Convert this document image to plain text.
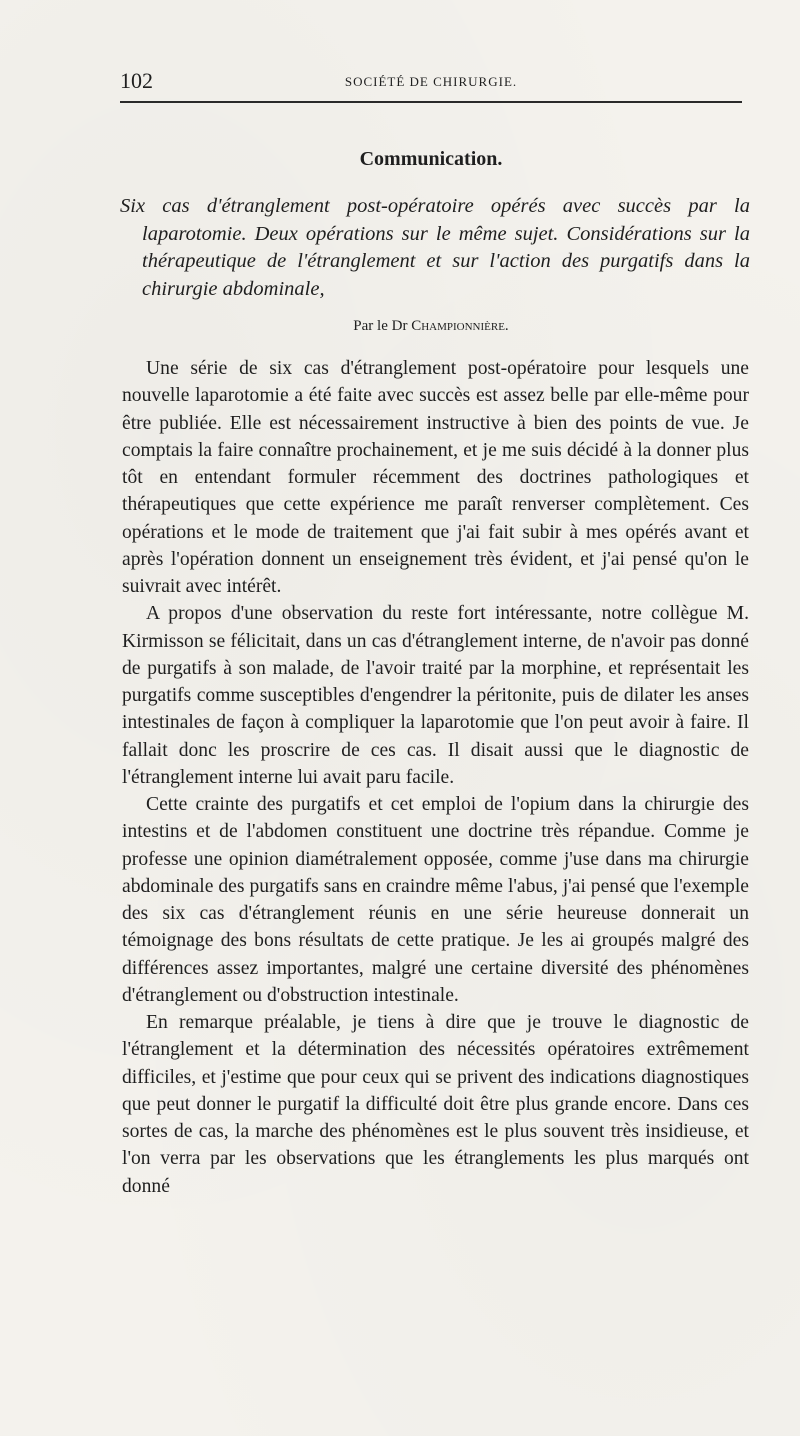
102	SOCIÉTÉ DE CHIRURGIE.
Communication.
Six cas d'étranglement post-opératoire opérés avec succès par la laparotomie. Deux opérations sur le même sujet. Considérations sur la thérapeutique de l'étranglement et sur l'action des purgatifs dans la chirurgie abdominale,
Par le Dr Championnière.

Une série de six cas d'étranglement post-opératoire pour lesquels une nouvelle laparotomie a été faite avec succès est assez belle par elle-même pour être publiée. Elle est nécessairement instructive à bien des points de vue. Je comptais la faire connaître prochainement, et je me suis décidé à la donner plus tôt en entendant formuler récemment des doctrines pathologiques et thérapeutiques que cette expérience me paraît renverser complètement. Ces opérations et le mode de traitement que j'ai fait subir à mes opérés avant et après l'opération donnent un enseignement très évident, et j'ai pensé qu'on le suivrait avec intérêt.

A propos d'une observation du reste fort intéressante, notre collègue M. Kirmisson se félicitait, dans un cas d'étranglement interne, de n'avoir pas donné de purgatifs à son malade, de l'avoir traité par la morphine, et représentait les purgatifs comme susceptibles d'engendrer la péritonite, puis de dilater les anses intestinales de façon à compliquer la laparotomie que l'on peut avoir à faire. Il fallait donc les proscrire de ces cas. Il disait aussi que le diagnostic de l'étranglement interne lui avait paru facile.

Cette crainte des purgatifs et cet emploi de l'opium dans la chirurgie des intestins et de l'abdomen constituent une doctrine très répandue. Comme je professe une opinion diamétralement opposée, comme j'use dans ma chirurgie abdominale des purgatifs sans en craindre même l'abus, j'ai pensé que l'exemple des six cas d'étranglement réunis en une série heureuse donnerait un témoignage des bons résultats de cette pratique. Je les ai groupés malgré des différences assez importantes, malgré une certaine diversité des phénomènes d'étranglement ou d'obstruction intestinale.

En remarque préalable, je tiens à dire que je trouve le diagnostic de l'étranglement et la détermination des nécessités opératoires extrêmement difficiles, et j'estime que pour ceux qui se privent des indications diagnostiques que peut donner le purgatif la difficulté doit être plus grande encore. Dans ces sortes de cas, la marche des phénomènes est le plus souvent très insidieuse, et l'on verra par les observations que les étranglements les plus marqués ont donné
